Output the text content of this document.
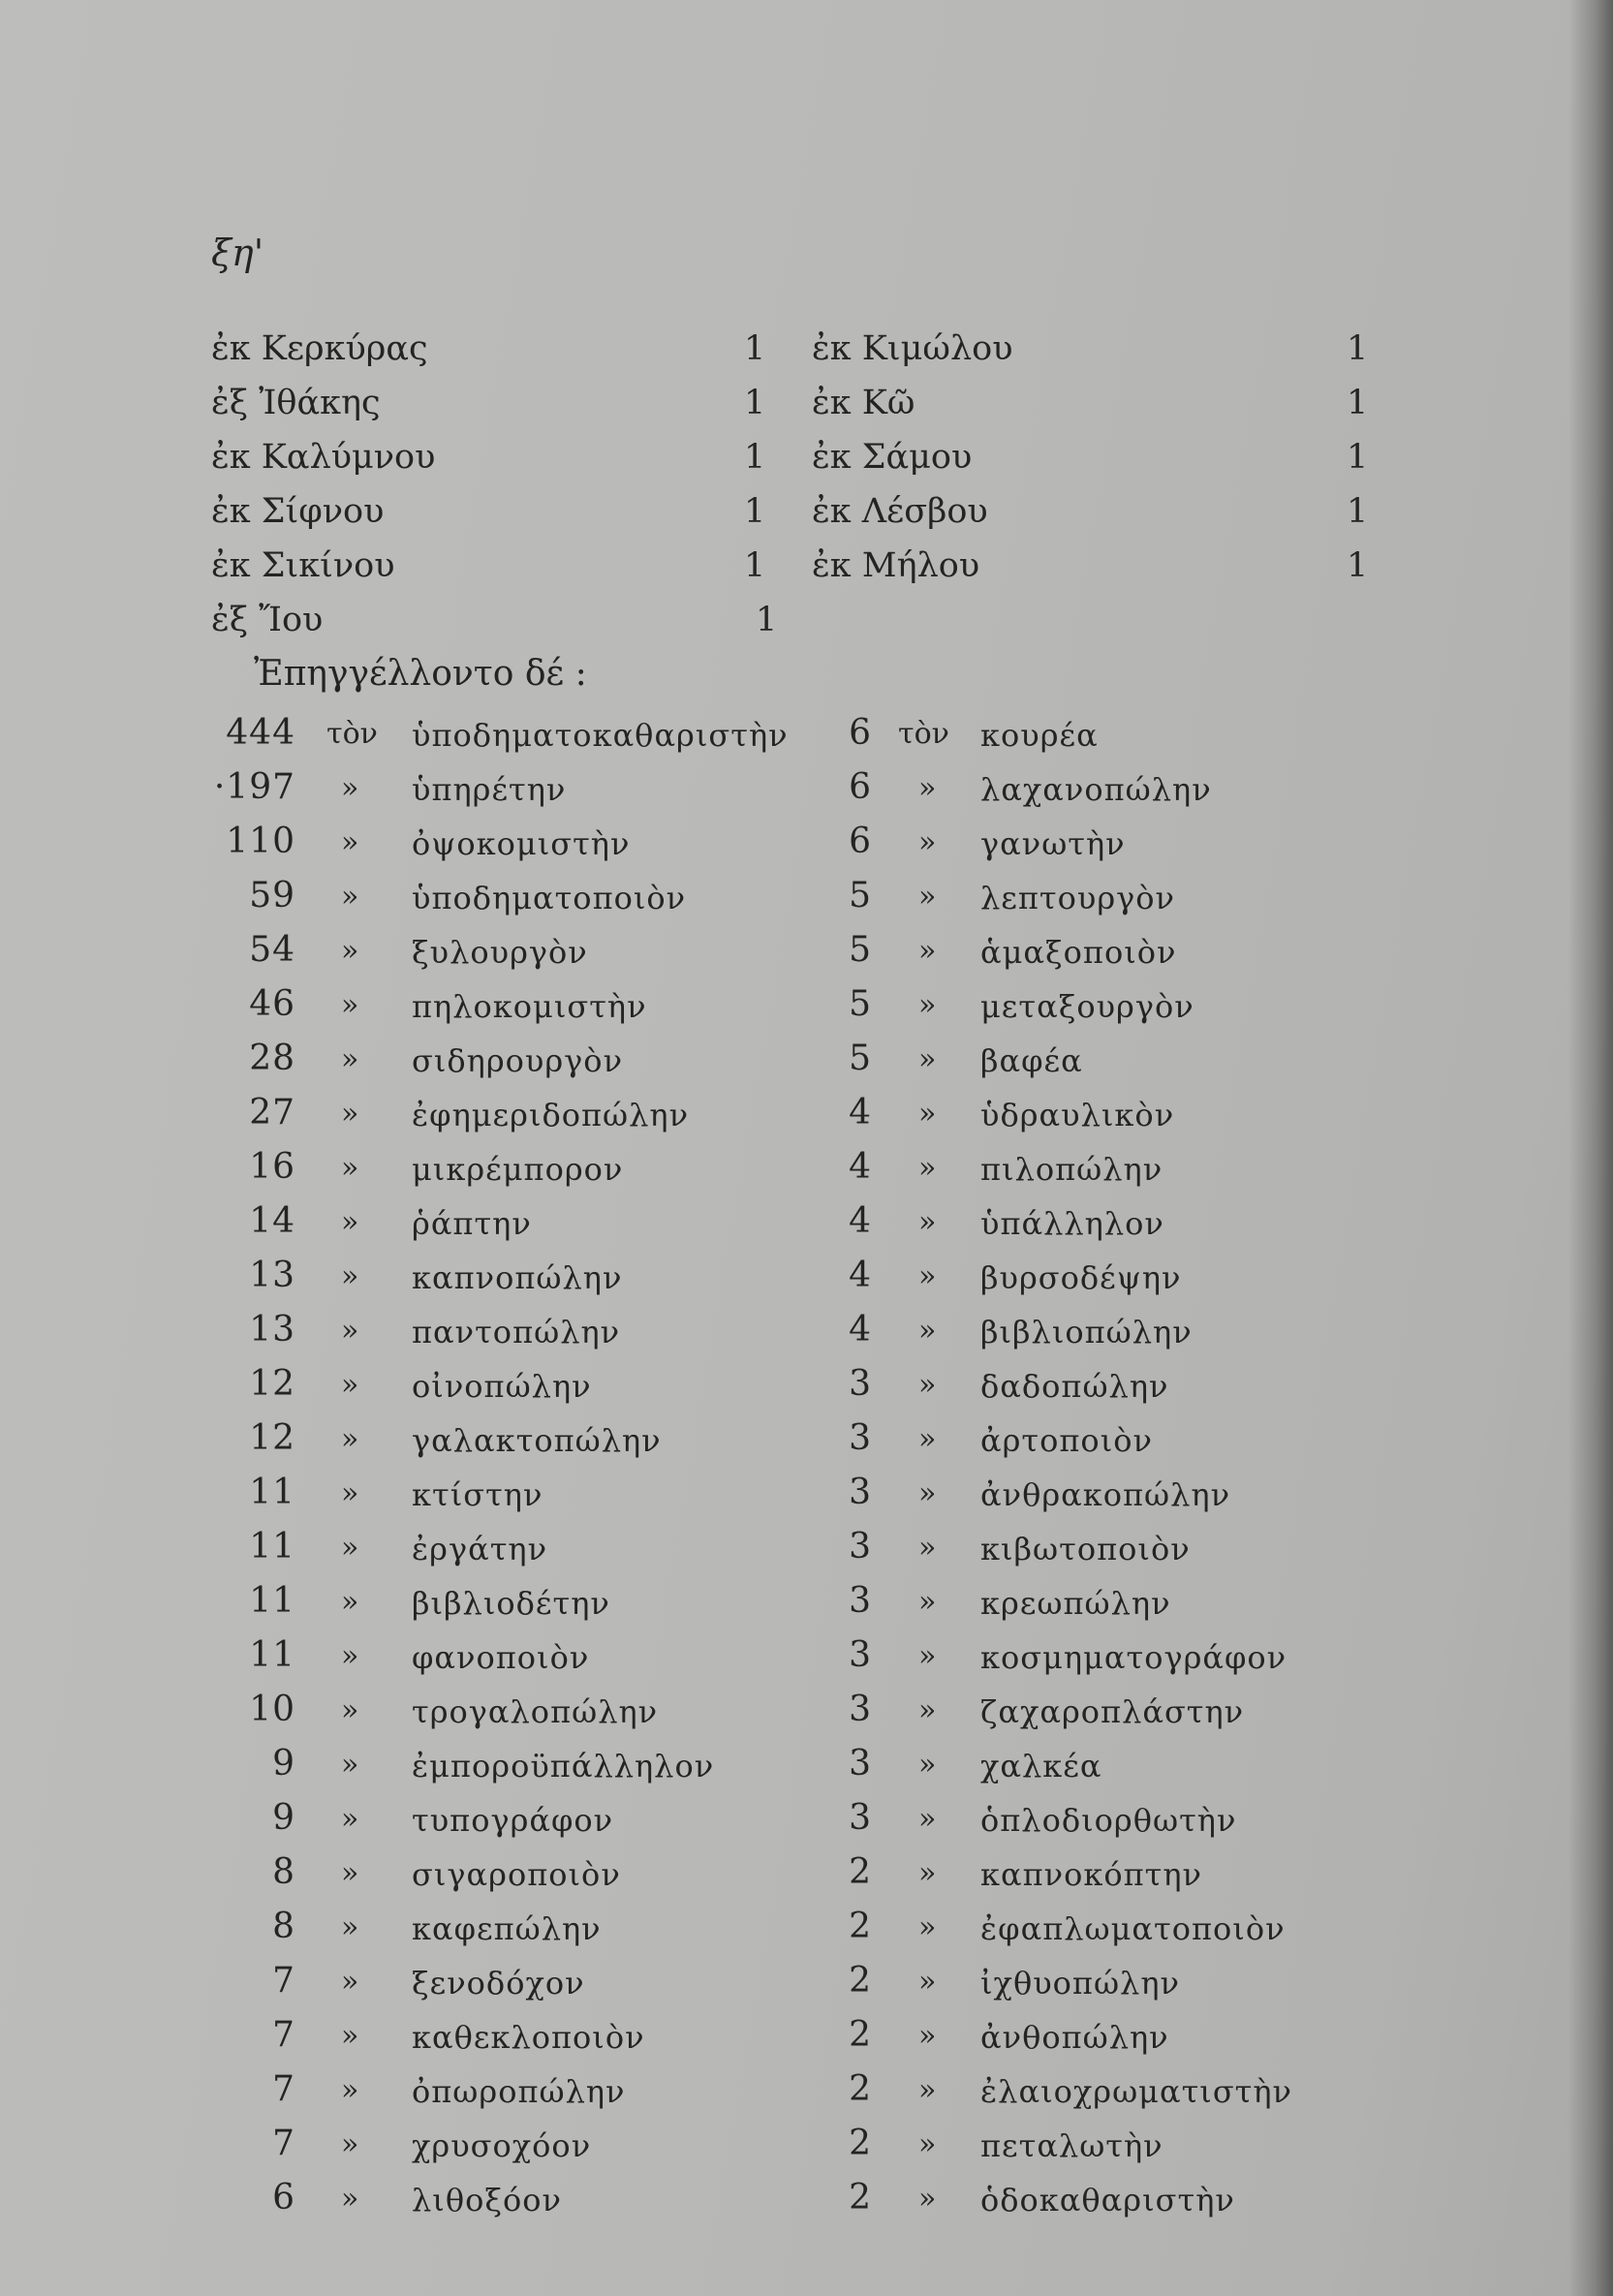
ξη'
ἐκ Κερκύρας	1
ἐξ Ἰθάκης	1
ἐκ Καλύμνου	1
ἐκ Σίφνου	1
ἐκ Σικίνου	1
ἐξ Ἴου	1
ἐκ Κιμώλου	1
ἐκ Κῶ	1
ἐκ Σάμου	1
ἐκ Λέσβου	1
ἐκ Μήλου	1
Ἐπηγγέλλοντο δέ :
444 τὸν ὑποδηματοκαθαριστὴν
·197 » ὑπηρέτην
110 » ὀψοκομιστὴν
59 » ὑποδηματοποιὸν
54 » ξυλουργὸν
46 » πηλοκομιστὴν
28 » σιδηρουργὸν
27 » ἐφημεριδοπώλην
16 » μικρέμπορον
14 » ῥάπτην
13 » καπνοπώλην
13 » παντοπώλην
12 » οἰνοπώλην
12 » γαλακτοπώλην
11 » κτίστην
11 » ἐργάτην
11 » βιβλιοδέτην
11 » φανοποιὸν
10 » τρογαλοπώλην
9 » ἐμποροϋπάλληλον
9 » τυπογράφον
8 » σιγαροποιὸν
8 » καφεπώλην
7 » ξενοδόχον
7 » καθεκλοποιὸν
7 » ὀπωροπώλην
7 » χρυσοχόον
6 » λιθοξόον
6 τὸν κουρέα
6 » λαχανοπώλην
6 » γανωτὴν
5 » λεπτουργὸν
5 » ἁμαξοποιὸν
5 » μεταξουργὸν
5 » βαφέα
4 » ὑδραυλικὸν
4 » πιλοπώλην
4 » ὑπάλληλον
4 » βυρσοδέψην
4 » βιβλιοπώλην
3 » δαδοπώλην
3 » ἀρτοποιὸν
3 » ἀνθρακοπώλην
3 » κιβωτοποιὸν
3 » κρεωπώλην
3 » κοσμηματογράφον
3 » ζαχαροπλάστην
3 » χαλκέα
3 » ὁπλοδιορθωτὴν
2 » καπνοκόπτην
2 » ἐφαπλωματοποιὸν
2 » ἰχθυοπώλην
2 » ἀνθοπώλην
2 » ἐλαιοχρωματιστὴν
2 » πεταλωτὴν
2 » ὁδοκαθαριστὴν
